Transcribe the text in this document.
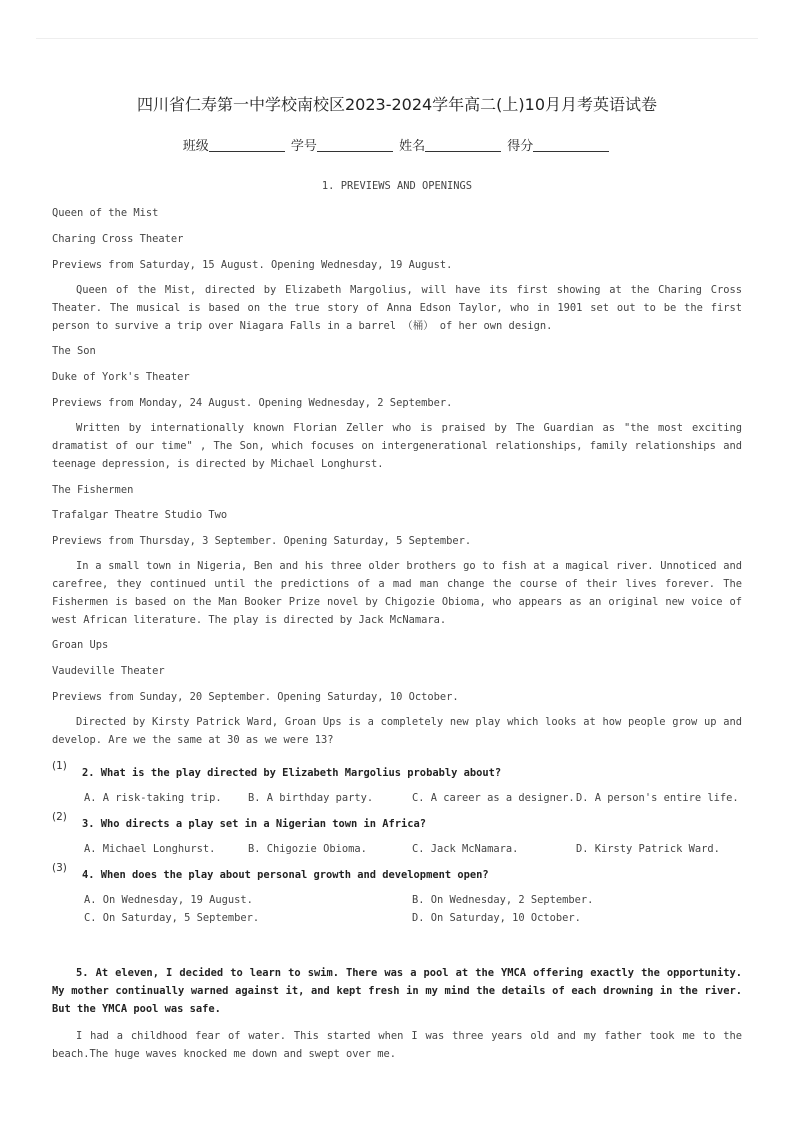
四川省仁寿第一中学校南校区2023-2024学年高二(上)10月月考英语试卷
班级	学号	姓名	得分
1. PREVIEWS AND OPENINGS
Queen of the Mist
Charing Cross Theater
Previews from Saturday, 15 August. Opening Wednesday, 19 August.
Queen of the Mist, directed by Elizabeth Margolius, will have its first showing at the Charing Cross Theater. The musical is based on the true story of Anna Edson Taylor, who in 1901 set out to be the first person to survive a trip over Niagara Falls in a barrel （桶） of her own design.
The Son
Duke of York's Theater
Previews from Monday, 24 August. Opening Wednesday, 2 September.
Written by internationally known Florian Zeller who is praised by The Guardian as "the most exciting dramatist of our time" , The Son, which focuses on intergenerational relationships, family relationships and teenage depression, is directed by Michael Longhurst.
The Fishermen
Trafalgar Theatre Studio Two
Previews from Thursday, 3 September. Opening Saturday, 5 September.
In a small town in Nigeria, Ben and his three older brothers go to fish at a magical river. Unnoticed and carefree, they continued until the predictions of a mad man change the course of their lives forever. The Fishermen is based on the Man Booker Prize novel by Chigozie Obioma, who appears as an original new voice of west African literature. The play is directed by Jack McNamara.
Groan Ups
Vaudeville Theater
Previews from Sunday, 20 September. Opening Saturday, 10 October.
Directed by Kirsty Patrick Ward, Groan Ups is a completely new play which looks at how people grow up and develop. Are we the same at 30 as we were 13?
(1)
2. What is the play directed by Elizabeth Margolius probably about?
A. A risk-taking trip.	B. A birthday party.	C. A career as a designer. D. A person's entire life.
(2)
3. Who directs a play set in a Nigerian town in Africa?
A. Michael Longhurst.	B. Chigozie Obioma.	C. Jack McNamara.	D. Kirsty Patrick Ward.
(3)
4. When does the play about personal growth and development open?
A. On Wednesday, 19 August.	B. On Wednesday, 2 September.
C. On Saturday, 5 September.	D. On Saturday, 10 October.
5. At eleven, I decided to learn to swim. There was a pool at the YMCA offering exactly the opportunity. My mother continually warned against it, and kept fresh in my mind the details of each drowning in the river. But the YMCA pool was safe.
I had a childhood fear of water. This started when I was three years old and my father took me to the beach.The huge waves knocked me down and swept over me.
